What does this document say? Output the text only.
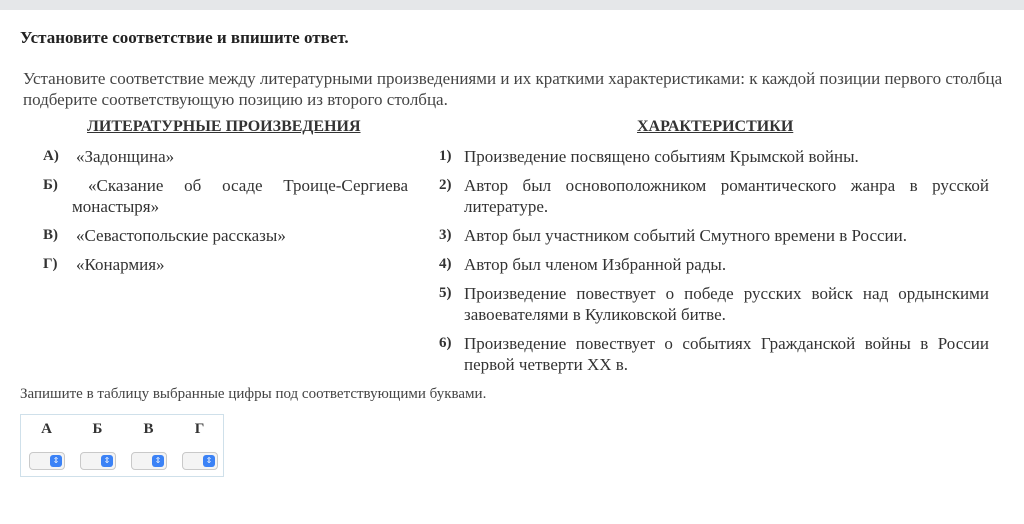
Установите соответствие и впишите ответ.
Установите соответствие между литературными произведениями и их краткими характеристиками: к каждой позиции первого столбца подберите соответствующую позицию из второго столбца.
ЛИТЕРАТУРНЫЕ ПРОИЗВЕДЕНИЯ	ХАРАКТЕРИСТИКИ
А) «Задонщина»
Б)	«Сказание об осаде Троице-Сергиева монастыря»
В) «Севастопольские рассказы»
Г) «Конармия»
1) Произведение посвящено событиям Крымской войны.
2) Автор был основоположником романтического жанра в русской литературе.
3) Автор был участником событий Смутного времени в России.
4) Автор был членом Избранной рады.
5) Произведение повествует о победе русских войск над ордынскими завоевателями в Куликовской битве.
6) Произведение повествует о событиях Гражданской войны в России первой четверти XX в.
Запишите в таблицу выбранные цифры под соответствующими буквами.
А
⇕
Б
⇕
В
⇕
Г
⇕
